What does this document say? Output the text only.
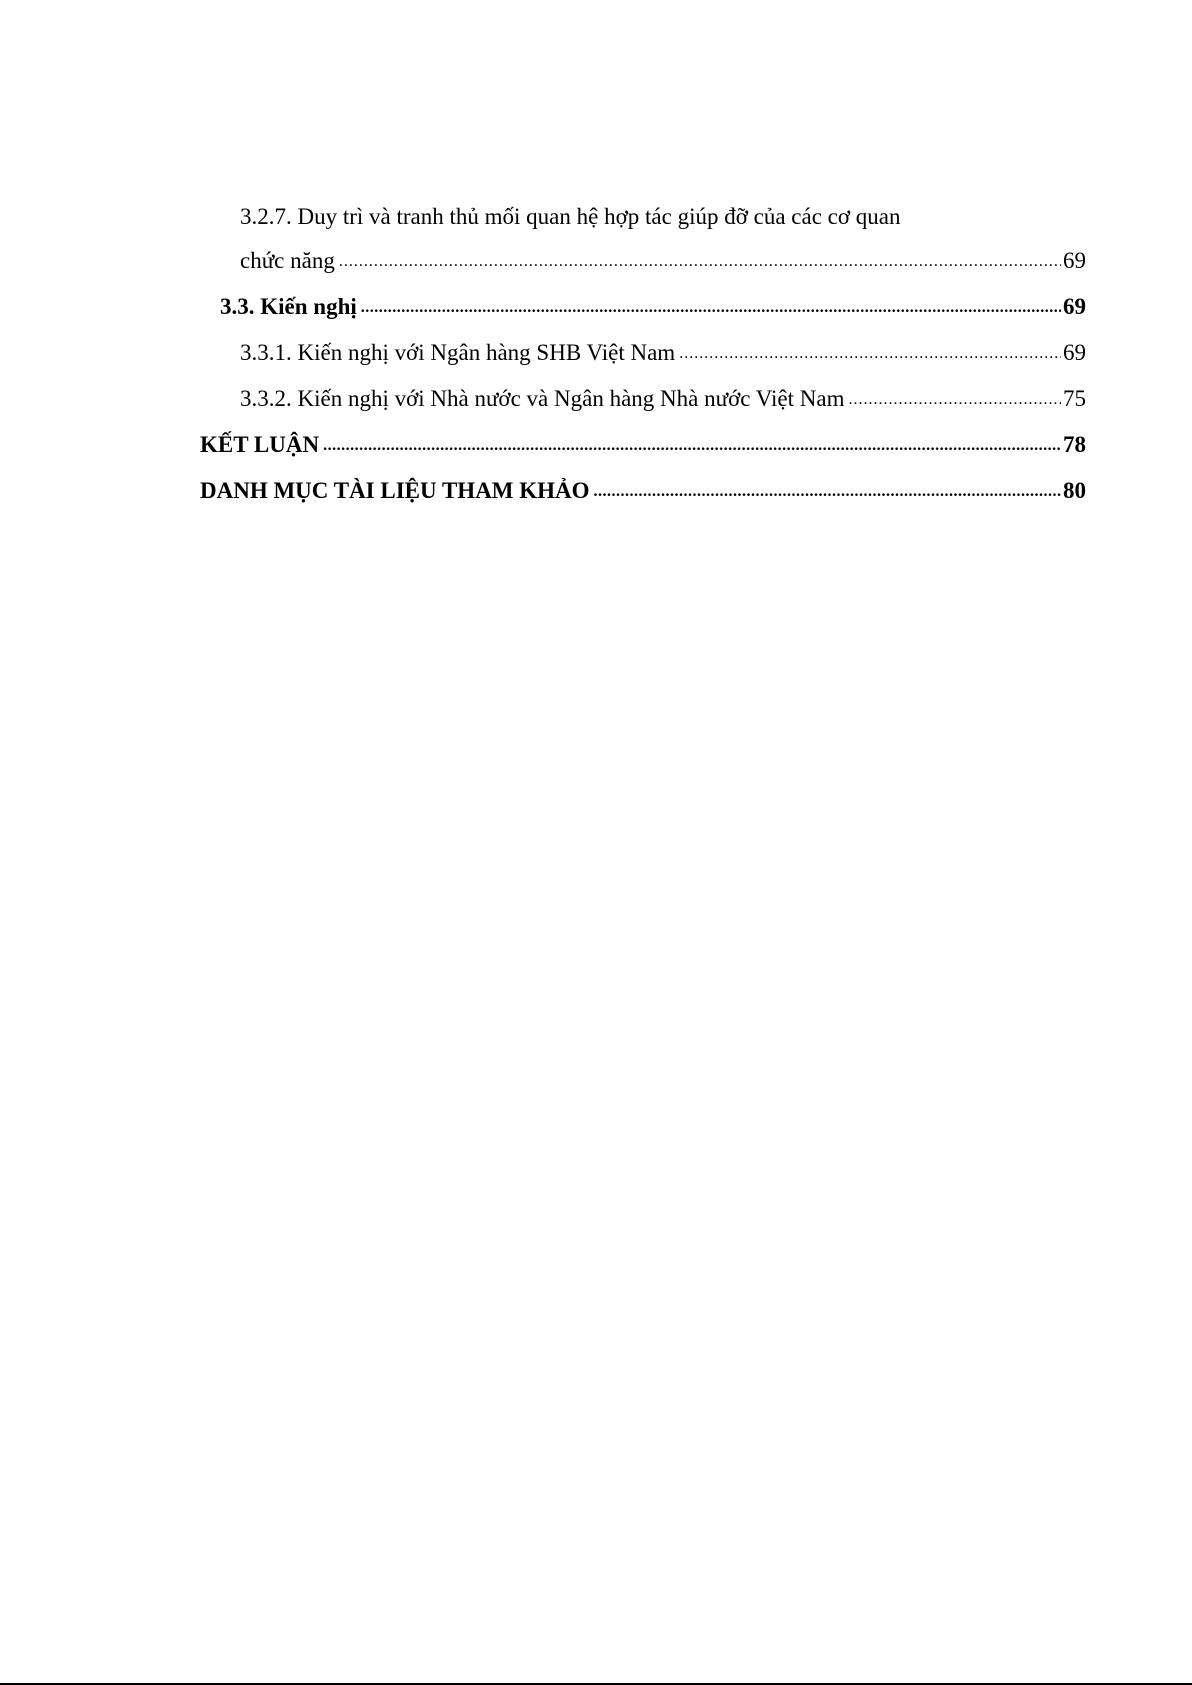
3.2.7. Duy trì và tranh thủ mối quan hệ hợp tác giúp đỡ của các cơ quan
chức năng .....	69
3.3. Kiến nghị .....	69
3.3.1. Kiến nghị với Ngân hàng SHB Việt Nam .....	69
3.3.2. Kiến nghị với Nhà nước và Ngân hàng Nhà nước Việt Nam .....	75
KẾT LUẬN .....	78
DANH MỤC TÀI LIỆU THAM KHẢO .....	80
